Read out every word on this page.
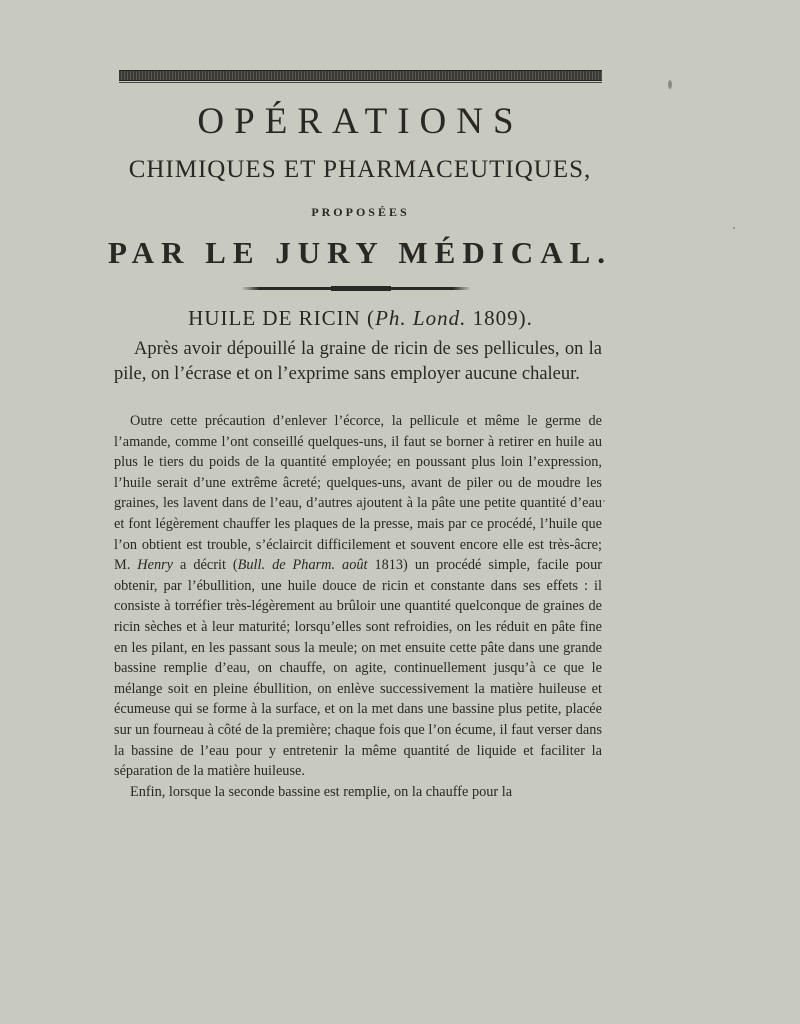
OPÉRATIONS
CHIMIQUES ET PHARMACEUTIQUES,
PROPOSÉES
PAR LE JURY MÉDICAL.
HUILE DE RICIN (Ph. Lond. 1809).
Après avoir dépouillé la graine de ricin de ses pellicules, on la pile, on l’écrase et on l’exprime sans employer aucune chaleur.

Outre cette précaution d’enlever l’écorce, la pellicule et même le germe de l’amande, comme l’ont conseillé quelques-uns, il faut se borner à retirer en huile au plus le tiers du poids de la quantité employée; en poussant plus loin l’expression, l’huile serait d’une extrême âcreté; quelques-uns, avant de piler ou de moudre les graines, les lavent dans de l’eau, d’autres ajoutent à la pâte une petite quantité d’eau et font légèrement chauffer les plaques de la presse, mais par ce procédé, l’huile que l’on obtient est trouble, s’éclaircit difficilement et souvent encore elle est très-âcre; M. Henry a décrit (Bull. de Pharm. août 1813) un procédé simple, facile pour obtenir, par l’ébullition, une huile douce de ricin et constante dans ses effets : il consiste à torréfier très-légèrement au brûloir une quantité quelconque de graines de ricin sèches et à leur maturité; lorsqu’elles sont refroidies, on les réduit en pâte fine en les pilant, en les passant sous la meule; on met ensuite cette pâte dans une grande bassine remplie d’eau, on chauffe, on agite, continuellement jusqu’à ce que le mélange soit en pleine ébullition, on enlève successivement la matière huileuse et écumeuse qui se forme à la surface, et on la met dans une bassine plus petite, placée sur un fourneau à côté de la première; chaque fois que l’on écume, il faut verser dans la bassine de l’eau pour y entretenir la même quantité de liquide et faciliter la séparation de la matière huileuse.

Enfin, lorsque la seconde bassine est remplie, on la chauffe pour la
